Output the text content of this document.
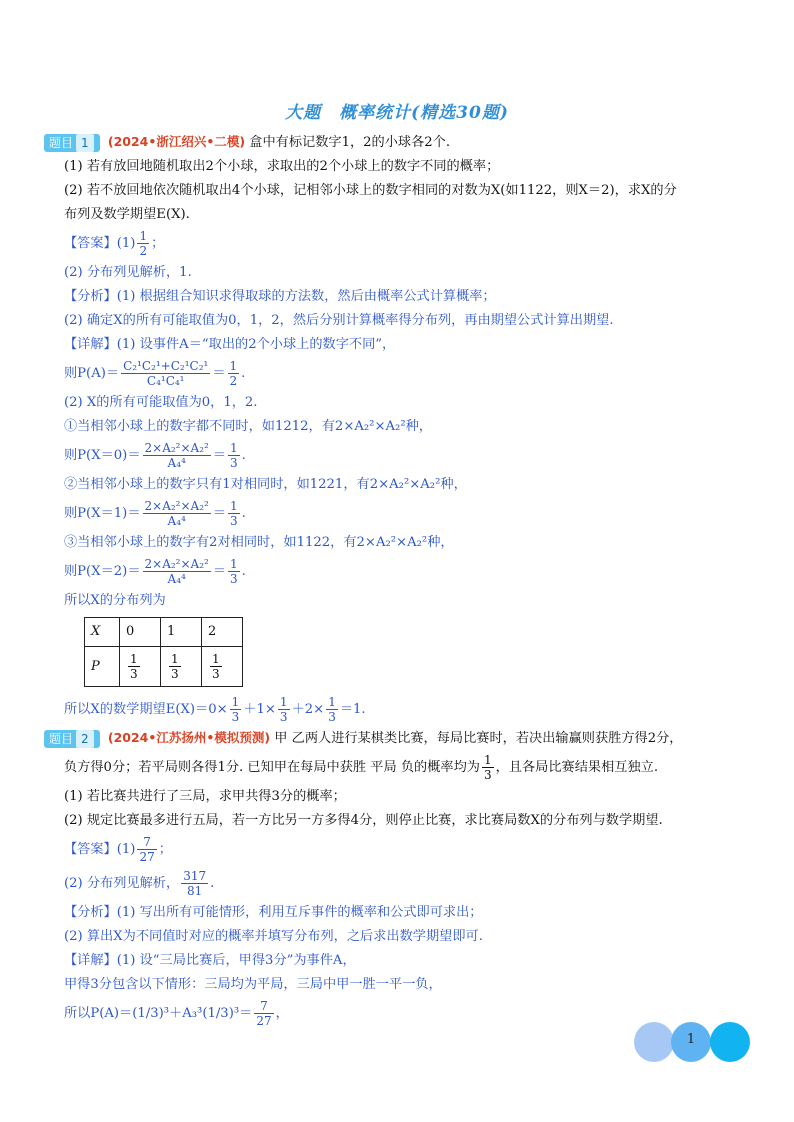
大题　概率统计(精选30题)
题目 1 (2024•浙江绍兴•二模) 盒中有标记数字1，2的小球各2个.

(1) 若有放回地随机取出2个小球，求取出的2个小球上的数字不同的概率；

(2) 若不放回地依次随机取出4个小球，记相邻小球上的数字相同的对数为X(如1122，则X＝2)，求X的分

布列及数学期望E(X).

【答案】$(1) \frac{1}{2}$ ；

(2) 分布列见解析，1.

【分析】(1) 根据组合知识求得取球的方法数，然后由概率公式计算概率；

(2) 确定X的所有可能取值为0，1，2，然后分别计算概率得分布列，再由期望公式计算出期望.

【详解】(1) 设事件A＝“取出的2个小球上的数字不同”，

则$P(A)= \frac{\text{C₂¹C₂¹+C₂¹C₂¹}}{\text{C₄¹C₄¹}} = \frac{1}{2}$ .

(2) X的所有可能取值为0，1，2.

①当相邻小球上的数字都不同时，如1212，有2×A₂²×A₂²种，

则$P(X=0)= \frac{\text{2×A₂²×A₂²}}{\text{A₄⁴}} = \frac{1}{3}$ .

②当相邻小球上的数字只有1对相同时，如1221，有2×A₂²×A₂²种，

则$P(X=1)= \frac{\text{2×A₂²×A₂²}}{\text{A₄⁴}} = \frac{1}{3}$ .

③当相邻小球上的数字有2对相同时，如1122，有2×A₂²×A₂²种，

则$P(X=2)= \frac{\text{2×A₂²×A₂²}}{\text{A₄⁴}} = \frac{1}{3}$ .

所以X的分布列为

X	0	1	2
P	$\frac{1}{3}$	$\frac{1}{3}$	$\frac{1}{3}$

所以X的数学期望$E(X)=0\times \frac{1}{3} +1\times \frac{1}{3} +2\times \frac{1}{3} =1$.

题目 2 (2024•江苏扬州•模拟预测) 甲 乙两人进行某棋类比赛，每局比赛时，若决出输赢则获胜方得2分，

负方得0分；若平局则各得1分. 已知甲在每局中获胜 平局 负的概率均为 $\frac{1}{3}$ ，且各局比赛结果相互独立.

(1) 若比赛共进行了三局，求甲共得3分的概率；

(2) 规定比赛最多进行五局，若一方比另一方多得4分，则停止比赛，求比赛局数X的分布列与数学期望.

【答案】$(1) \frac{7}{27}$ ；

(2) 分布列见解析， $\frac{317}{81}$ .

【分析】(1) 写出所有可能情形，利用互斥事件的概率和公式即可求出；

(2) 算出X为不同值时对应的概率并填写分布列，之后求出数学期望即可.

【详解】(1) 设“三局比赛后，甲得3分”为事件A，

甲得3分包含以下情形：三局均为平局，三局中甲一胜一平一负，

所以$P(A)=(1/3)^3+A_3^3(1/3)^3= \frac{7}{27}$ ，

1
